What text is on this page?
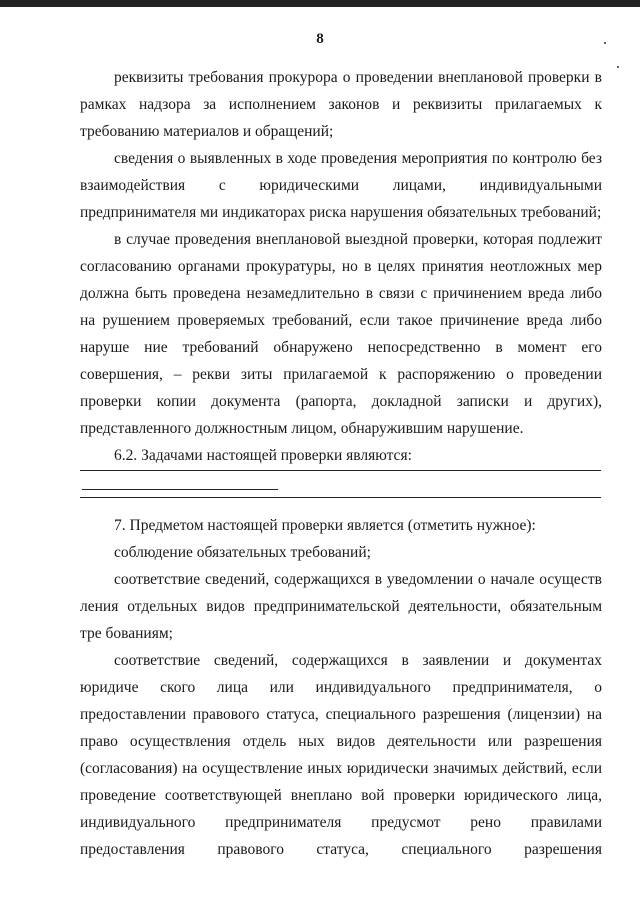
8

реквизиты требования прокурора о проведении внеплановой проверки в рамках надзора за исполнением законов и реквизиты прилагаемых к требованию материалов и обращений;

сведения о выявленных в ходе проведения мероприятия по контролю без взаимодействия с юридическими лицами, индивидуальными предпринимателя ми индикаторах риска нарушения обязательных требований;

в случае проведения внеплановой выездной проверки, которая подлежит согласованию органами прокуратуры, но в целях принятия неотложных мер должна быть проведена незамедлительно в связи с причинением вреда либо на рушением проверяемых требований, если такое причинение вреда либо наруше ние требований обнаружено непосредственно в момент его совершения, – рекви зиты прилагаемой к распоряжению о проведении проверки копии документа (рапорта, докладной записки и других), представленного должностным лицом, обнаружившим нарушение.

6.2. Задачами настоящей проверки являются:

7. Предметом настоящей проверки является (отметить нужное):

соблюдение обязательных требований;

соответствие сведений, содержащихся в уведомлении о начале осуществ ления отдельных видов предпринимательской деятельности, обязательным тре бованиям;

соответствие сведений, содержащихся в заявлении и документах юридиче ского лица или индивидуального предпринимателя, о предоставлении правового статуса, специального разрешения (лицензии) на право осуществления отдель ных видов деятельности или разрешения (согласования) на осуществление иных юридически значимых действий, если проведение соответствующей внеплано вой проверки юридического лица, индивидуального предпринимателя предусмот рено правилами предоставления правового статуса, специального разрешения
